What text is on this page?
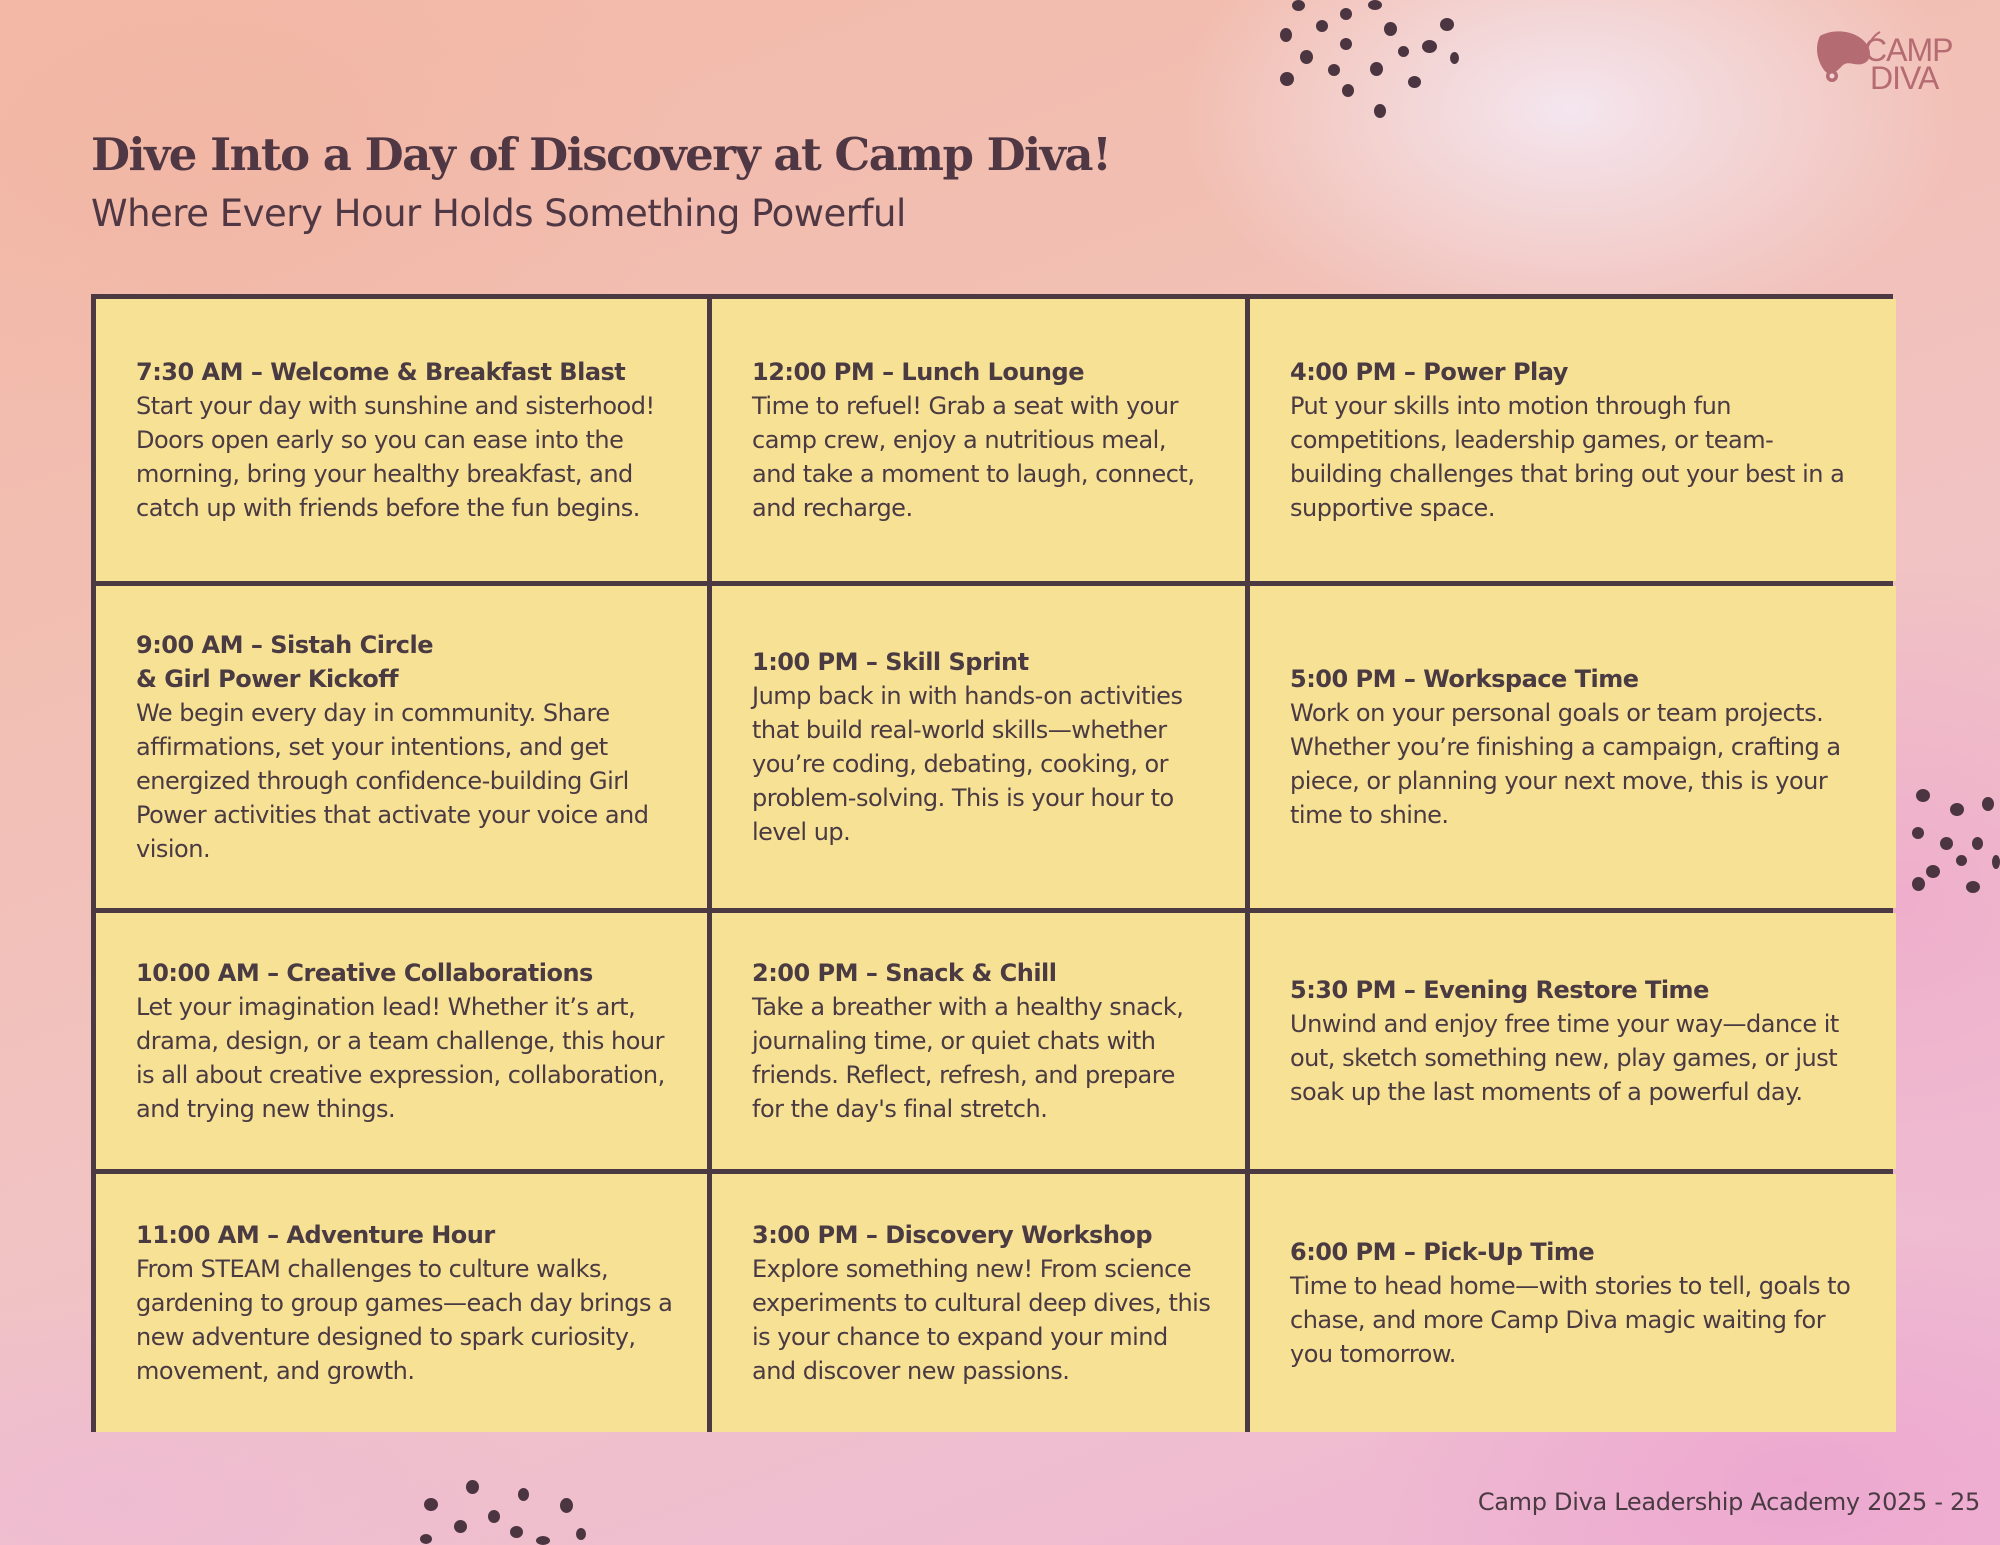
CAMP
DIVA
Dive Into a Day of Discovery at Camp Diva!
Where Every Hour Holds Something Powerful
7:30 AM – Welcome & Breakfast Blast
Start your day with sunshine and sisterhood! Doors open early so you can ease into the morning, bring your healthy breakfast, and catch up with friends before the fun begins.
12:00 PM – Lunch Lounge
Time to refuel! Grab a seat with your camp crew, enjoy a nutritious meal, and take a moment to laugh, connect, and recharge.
4:00 PM – Power Play
Put your skills into motion through fun competitions, leadership games, or team-building challenges that bring out your best in a supportive space.
9:00 AM – Sistah Circle
& Girl Power Kickoff
We begin every day in community. Share affirmations, set your intentions, and get energized through confidence-building Girl Power activities that activate your voice and vision.
1:00 PM – Skill Sprint
Jump back in with hands-on activities that build real-world skills—whether you’re coding, debating, cooking, or problem-solving. This is your hour to level up.
5:00 PM – Workspace Time
Work on your personal goals or team projects. Whether you’re finishing a campaign, crafting a piece, or planning your next move, this is your time to shine.
10:00 AM – Creative Collaborations
Let your imagination lead! Whether it’s art, drama, design, or a team challenge, this hour is all about creative expression, collaboration, and trying new things.
2:00 PM – Snack & Chill
Take a breather with a healthy snack, journaling time, or quiet chats with friends. Reflect, refresh, and prepare for the day's final stretch.
5:30 PM – Evening Restore Time
Unwind and enjoy free time your way—dance it out, sketch something new, play games, or just soak up the last moments of a powerful day.
11:00 AM – Adventure Hour
From STEAM challenges to culture walks, gardening to group games—each day brings a new adventure designed to spark curiosity, movement, and growth.
3:00 PM – Discovery Workshop
Explore something new! From science experiments to cultural deep dives, this is your chance to expand your mind and discover new passions.
6:00 PM – Pick-Up Time
Time to head home—with stories to tell, goals to chase, and more Camp Diva magic waiting for you tomorrow.
Camp Diva Leadership Academy 2025 - 25
